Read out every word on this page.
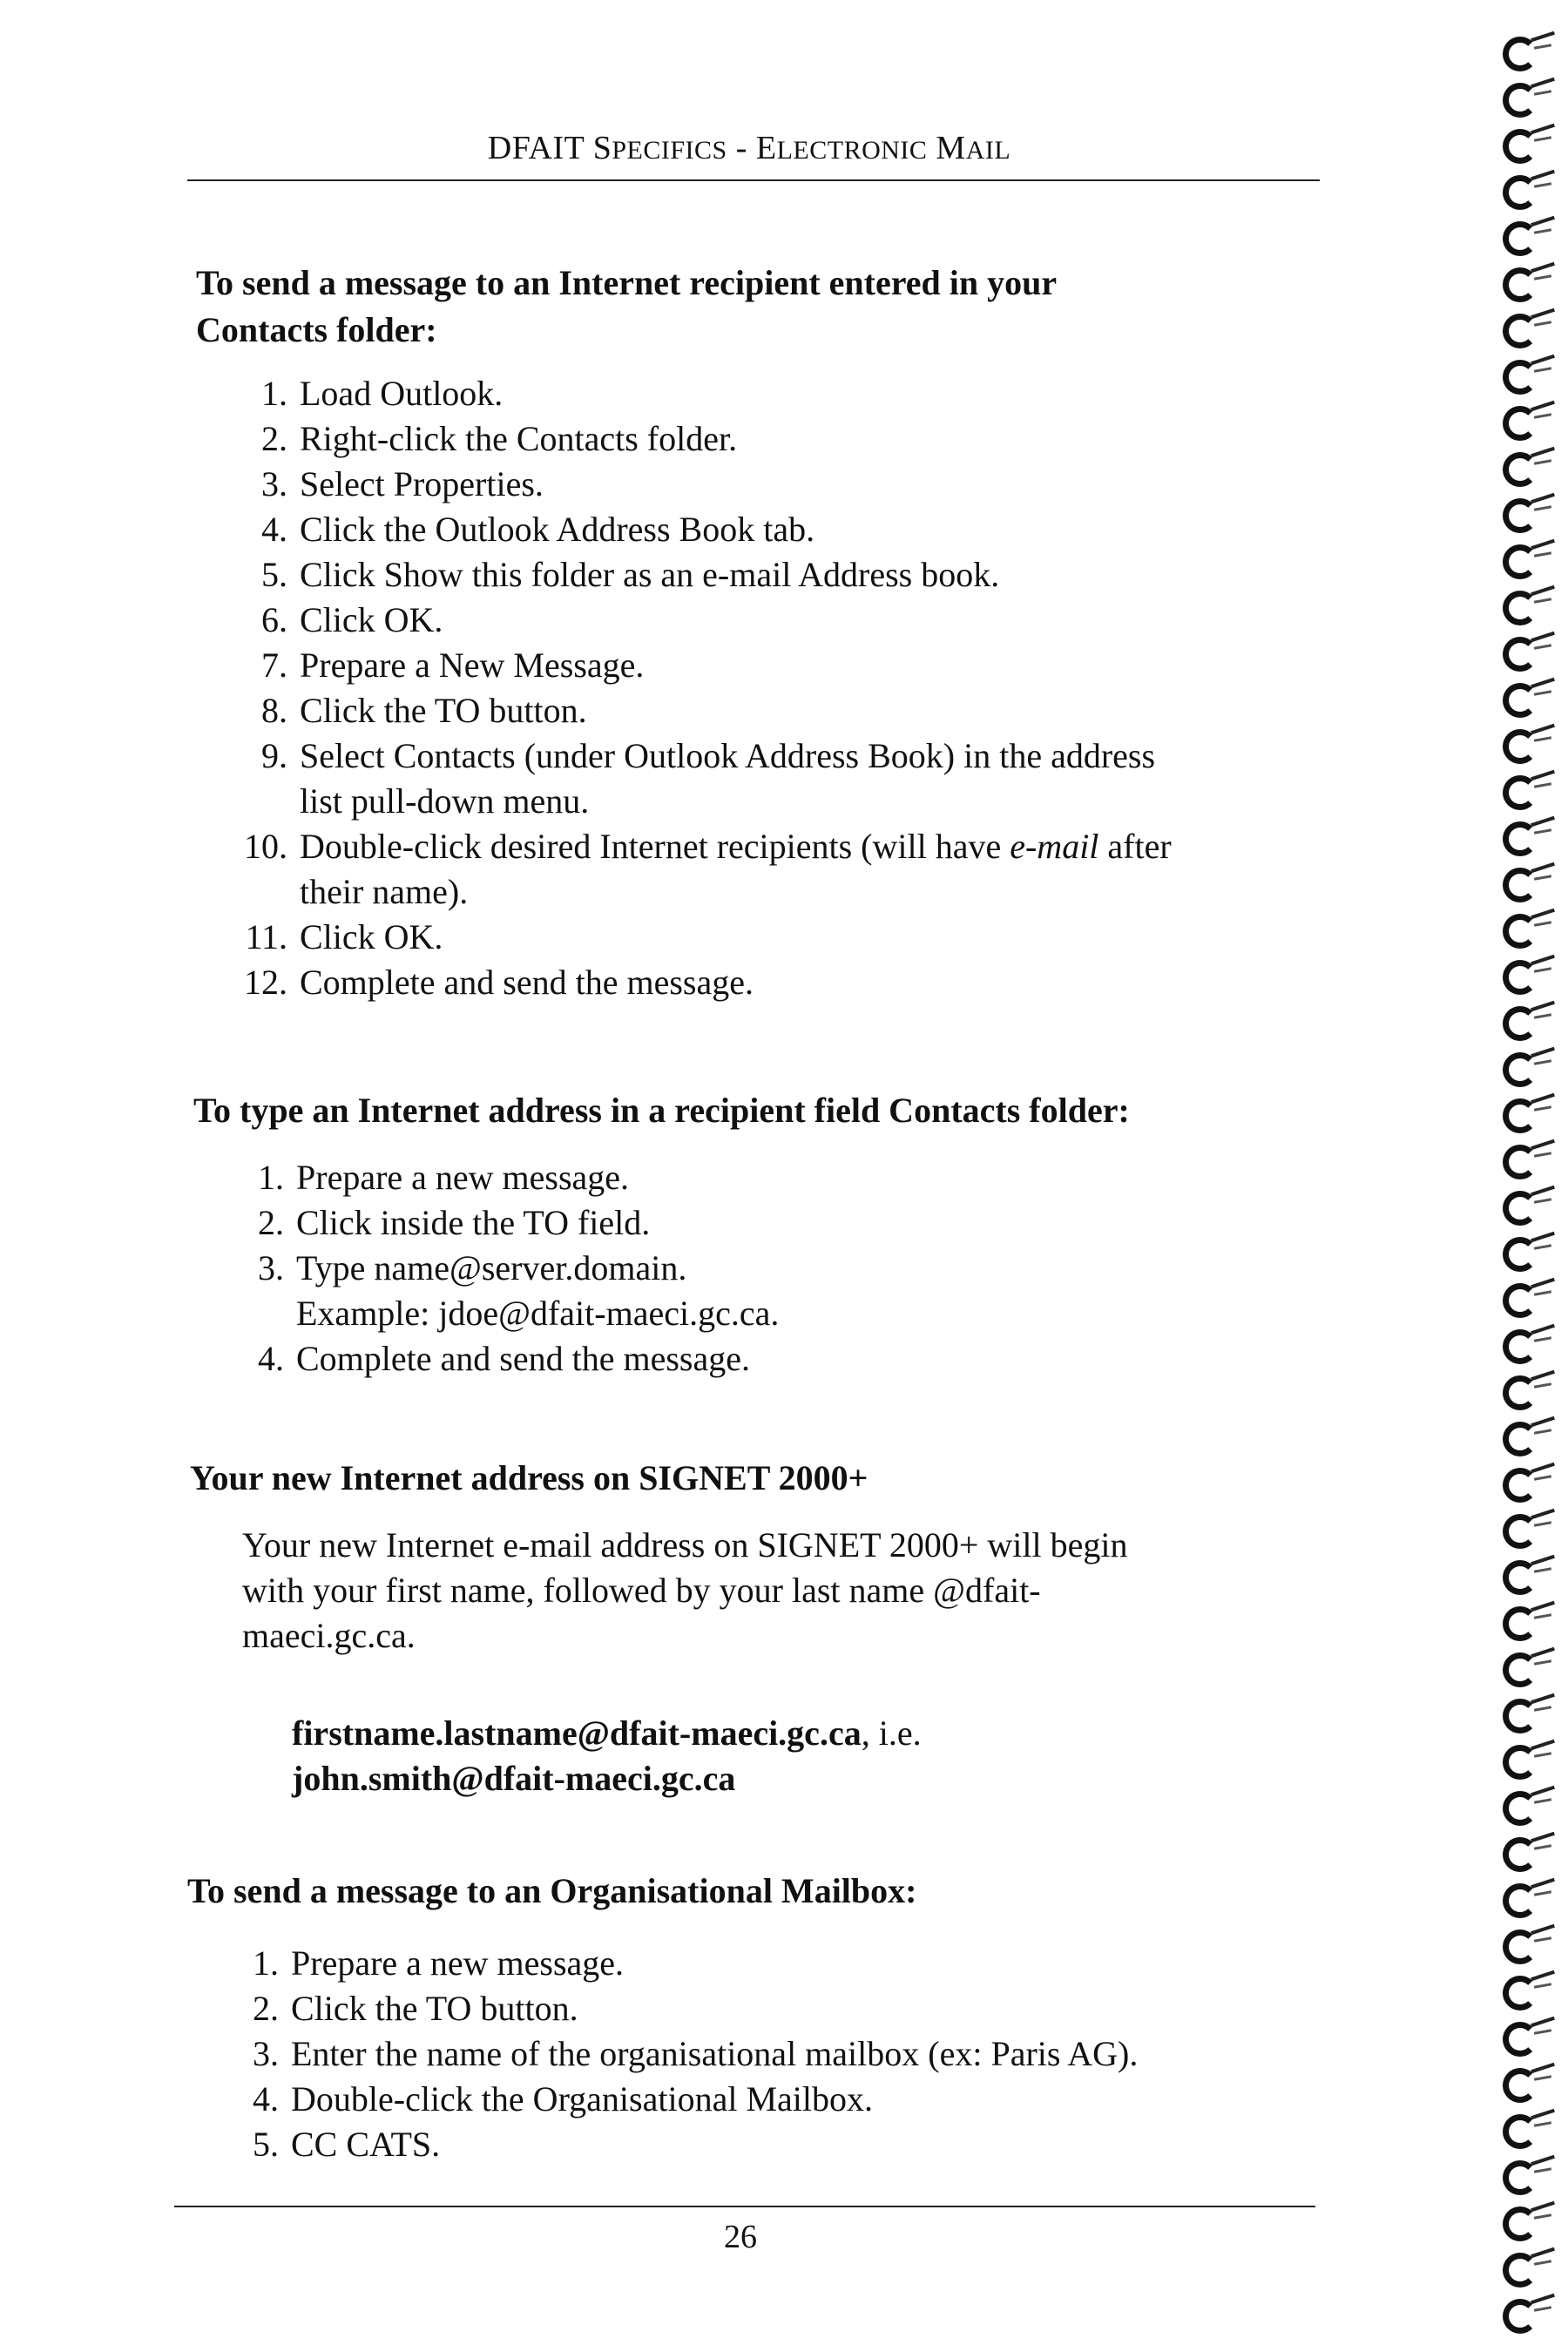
DFAIT SPECIFICS - ELECTRONIC MAIL
To send a message to an Internet recipient entered in your
Contacts folder:
1. Load Outlook.
2. Right-click the Contacts folder.
3. Select Properties.
4. Click the Outlook Address Book tab.
5. Click Show this folder as an e-mail Address book.
6. Click OK.
7. Prepare a New Message.
8. Click the TO button.
9. Select Contacts (under Outlook Address Book) in the address
list pull-down menu.
10. Double-click desired Internet recipients (will have e-mail after
their name).
11. Click OK.
12. Complete and send the message.
To type an Internet address in a recipient field Contacts folder:
1. Prepare a new message.
2. Click inside the TO field.
3. Type name@server.domain.
Example: jdoe@dfait-maeci.gc.ca.
4. Complete and send the message.
Your new Internet address on SIGNET 2000+
Your new Internet e-mail address on SIGNET 2000+ will begin
with your first name, followed by your last name @dfait-
maeci.gc.ca.
firstname.lastname@dfait-maeci.gc.ca, i.e.
john.smith@dfait-maeci.gc.ca
To send a message to an Organisational Mailbox:
1. Prepare a new message.
2. Click the TO button.
3. Enter the name of the organisational mailbox (ex: Paris AG).
4. Double-click the Organisational Mailbox.
5. CC CATS.
26
